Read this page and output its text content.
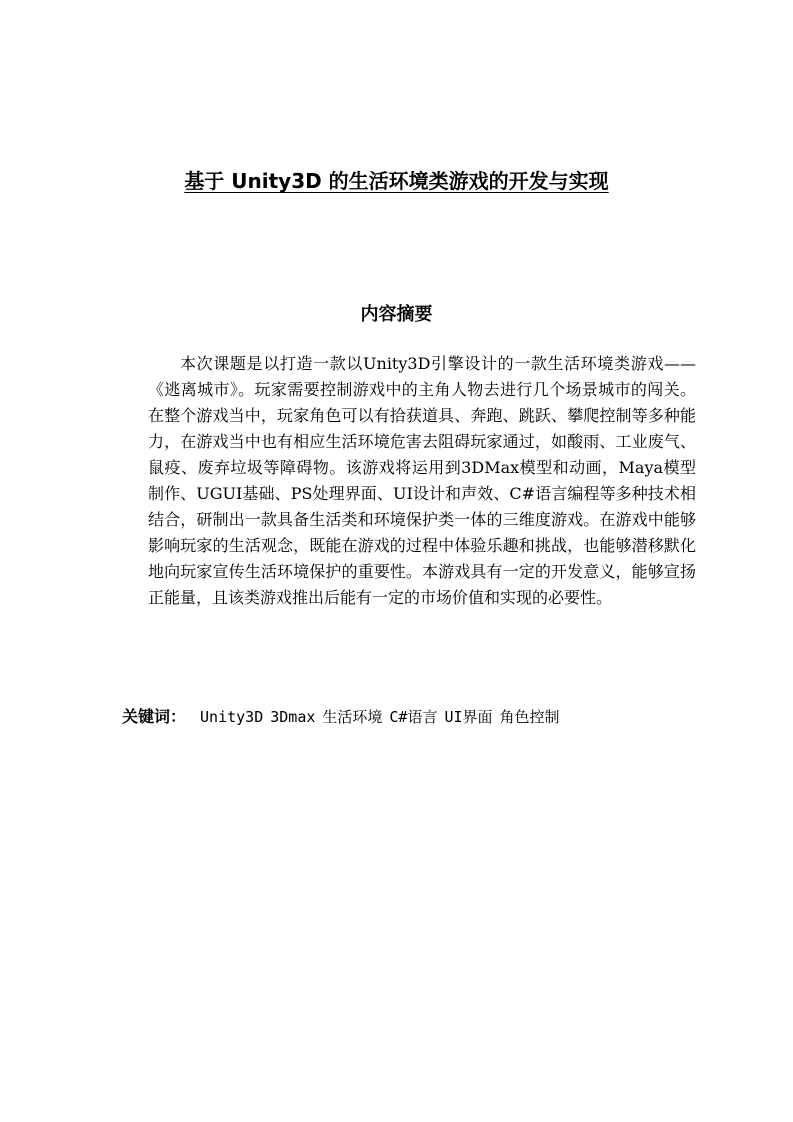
基于 Unity3D 的生活环境类游戏的开发与实现
内容摘要

本次课题是以打造一款以Unity3D引擎设计的一款生活环境类游戏——《逃离城市》。玩家需要控制游戏中的主角人物去进行几个场景城市的闯关。在整个游戏当中，玩家角色可以有拾获道具、奔跑、跳跃、攀爬控制等多种能力，在游戏当中也有相应生活环境危害去阻碍玩家通过，如酸雨、工业废气、鼠疫、废弃垃圾等障碍物。该游戏将运用到3DMax模型和动画，Maya模型制作、UGUI基础、PS处理界面、UI设计和声效、C#语言编程等多种技术相结合，研制出一款具备生活类和环境保护类一体的三维度游戏。在游戏中能够影响玩家的生活观念，既能在游戏的过程中体验乐趣和挑战，也能够潜移默化地向玩家宣传生活环境保护的重要性。本游戏具有一定的开发意义，能够宣扬正能量，且该类游戏推出后能有一定的市场价值和实现的必要性。

关键词： Unity3D 3Dmax 生活环境 C#语言 UI界面 角色控制
